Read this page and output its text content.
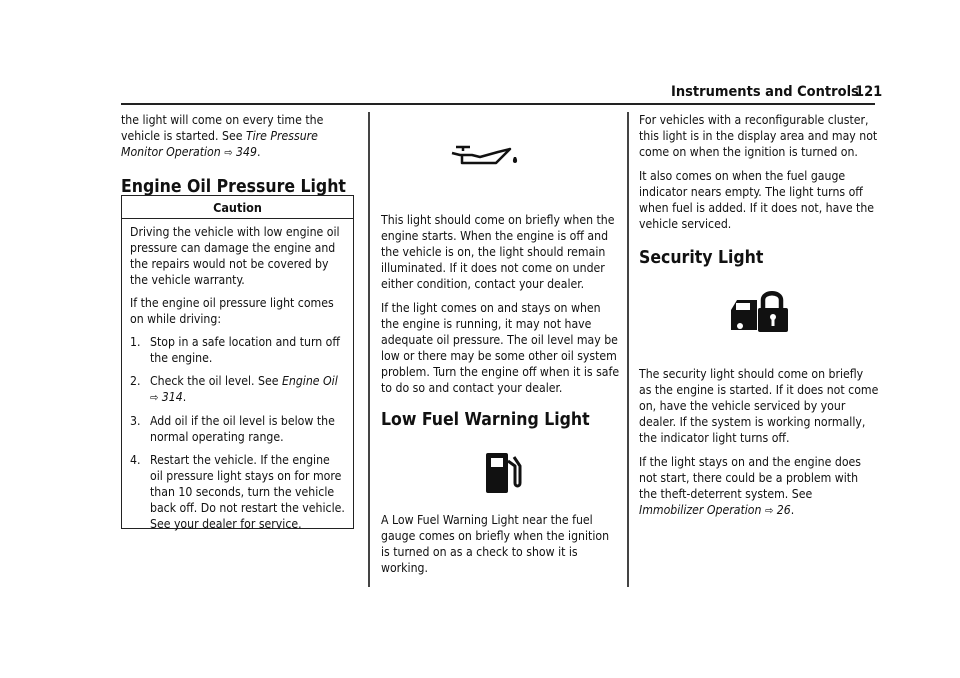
Instruments and Controls
121

the light will come on every time the vehicle is started. See Tire Pressure Monitor Operation ⇨ 349.

Engine Oil Pressure Light
Caution

Driving the vehicle with low engine oil pressure can damage the engine and the repairs would not be covered by the vehicle warranty.

If the engine oil pressure light comes on while driving:

1. Stop in a safe location and turn off the engine.
2. Check the oil level. See Engine Oil
⇨ 314.
3. Add oil if the oil level is below the normal operating range.
4. Restart the vehicle. If the engine oil pressure light stays on for more than 10 seconds, turn the vehicle back off. Do not restart the vehicle. See your dealer for service.

This light should come on briefly when the engine starts. When the engine is off and the vehicle is on, the light should remain illuminated. If it does not come on under either condition, contact your dealer.

If the light comes on and stays on when the engine is running, it may not have adequate oil pressure. The oil level may be low or there may be some other oil system problem. Turn the engine off when it is safe to do so and contact your dealer.

Low Fuel Warning Light

A Low Fuel Warning Light near the fuel gauge comes on briefly when the ignition is turned on as a check to show it is working.

For vehicles with a reconfigurable cluster, this light is in the display area and may not come on when the ignition is turned on.

It also comes on when the fuel gauge indicator nears empty. The light turns off when fuel is added. If it does not, have the vehicle serviced.

Security Light

The security light should come on briefly as the engine is started. If it does not come on, have the vehicle serviced by your dealer. If the system is working normally, the indicator light turns off.

If the light stays on and the engine does not start, there could be a problem with the theft-deterrent system. See Immobilizer Operation ⇨ 26.
